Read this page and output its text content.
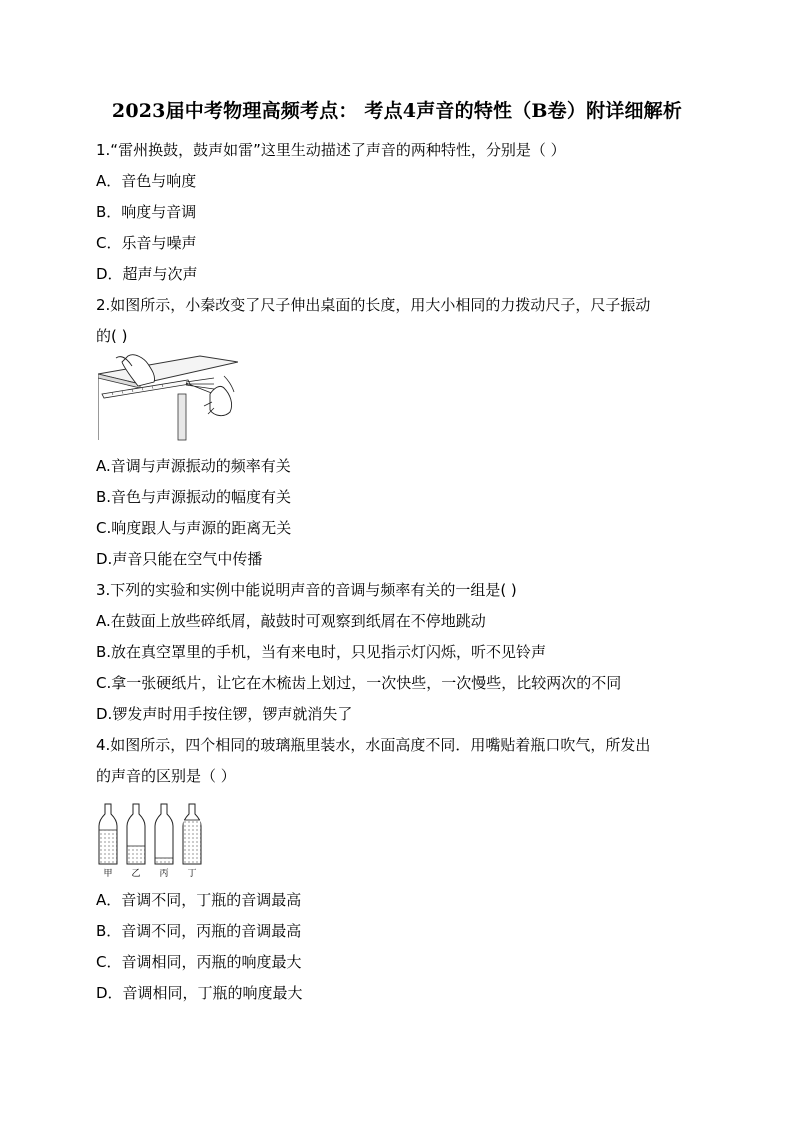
2023届中考物理高频考点： 考点4声音的特性（B卷）附详细解析
1.“雷州换鼓，鼓声如雷”这里生动描述了声音的两种特性，分别是（ ）
A．音色与响度
B．响度与音调
C．乐音与噪声
D．超声与次声
2.如图所示，小秦改变了尺子伸出桌面的长度，用大小相同的力拨动尺子，尺子振动
的( )
A.音调与声源振动的频率有关
B.音色与声源振动的幅度有关
C.响度跟人与声源的距离无关
D.声音只能在空气中传播
3.下列的实验和实例中能说明声音的音调与频率有关的一组是( )
A.在鼓面上放些碎纸屑，敲鼓时可观察到纸屑在不停地跳动
B.放在真空罩里的手机，当有来电时，只见指示灯闪烁，听不见铃声
C.拿一张硬纸片，让它在木梳齿上划过，一次快些，一次慢些，比较两次的不同
D.锣发声时用手按住锣，锣声就消失了
4.如图所示，四个相同的玻璃瓶里装水，水面高度不同．用嘴贴着瓶口吹气，所发出
的声音的区别是（ ）
甲 乙 丙 丁
A．音调不同，丁瓶的音调最高
B．音调不同，丙瓶的音调最高
C．音调相同，丙瓶的响度最大
D．音调相同，丁瓶的响度最大
